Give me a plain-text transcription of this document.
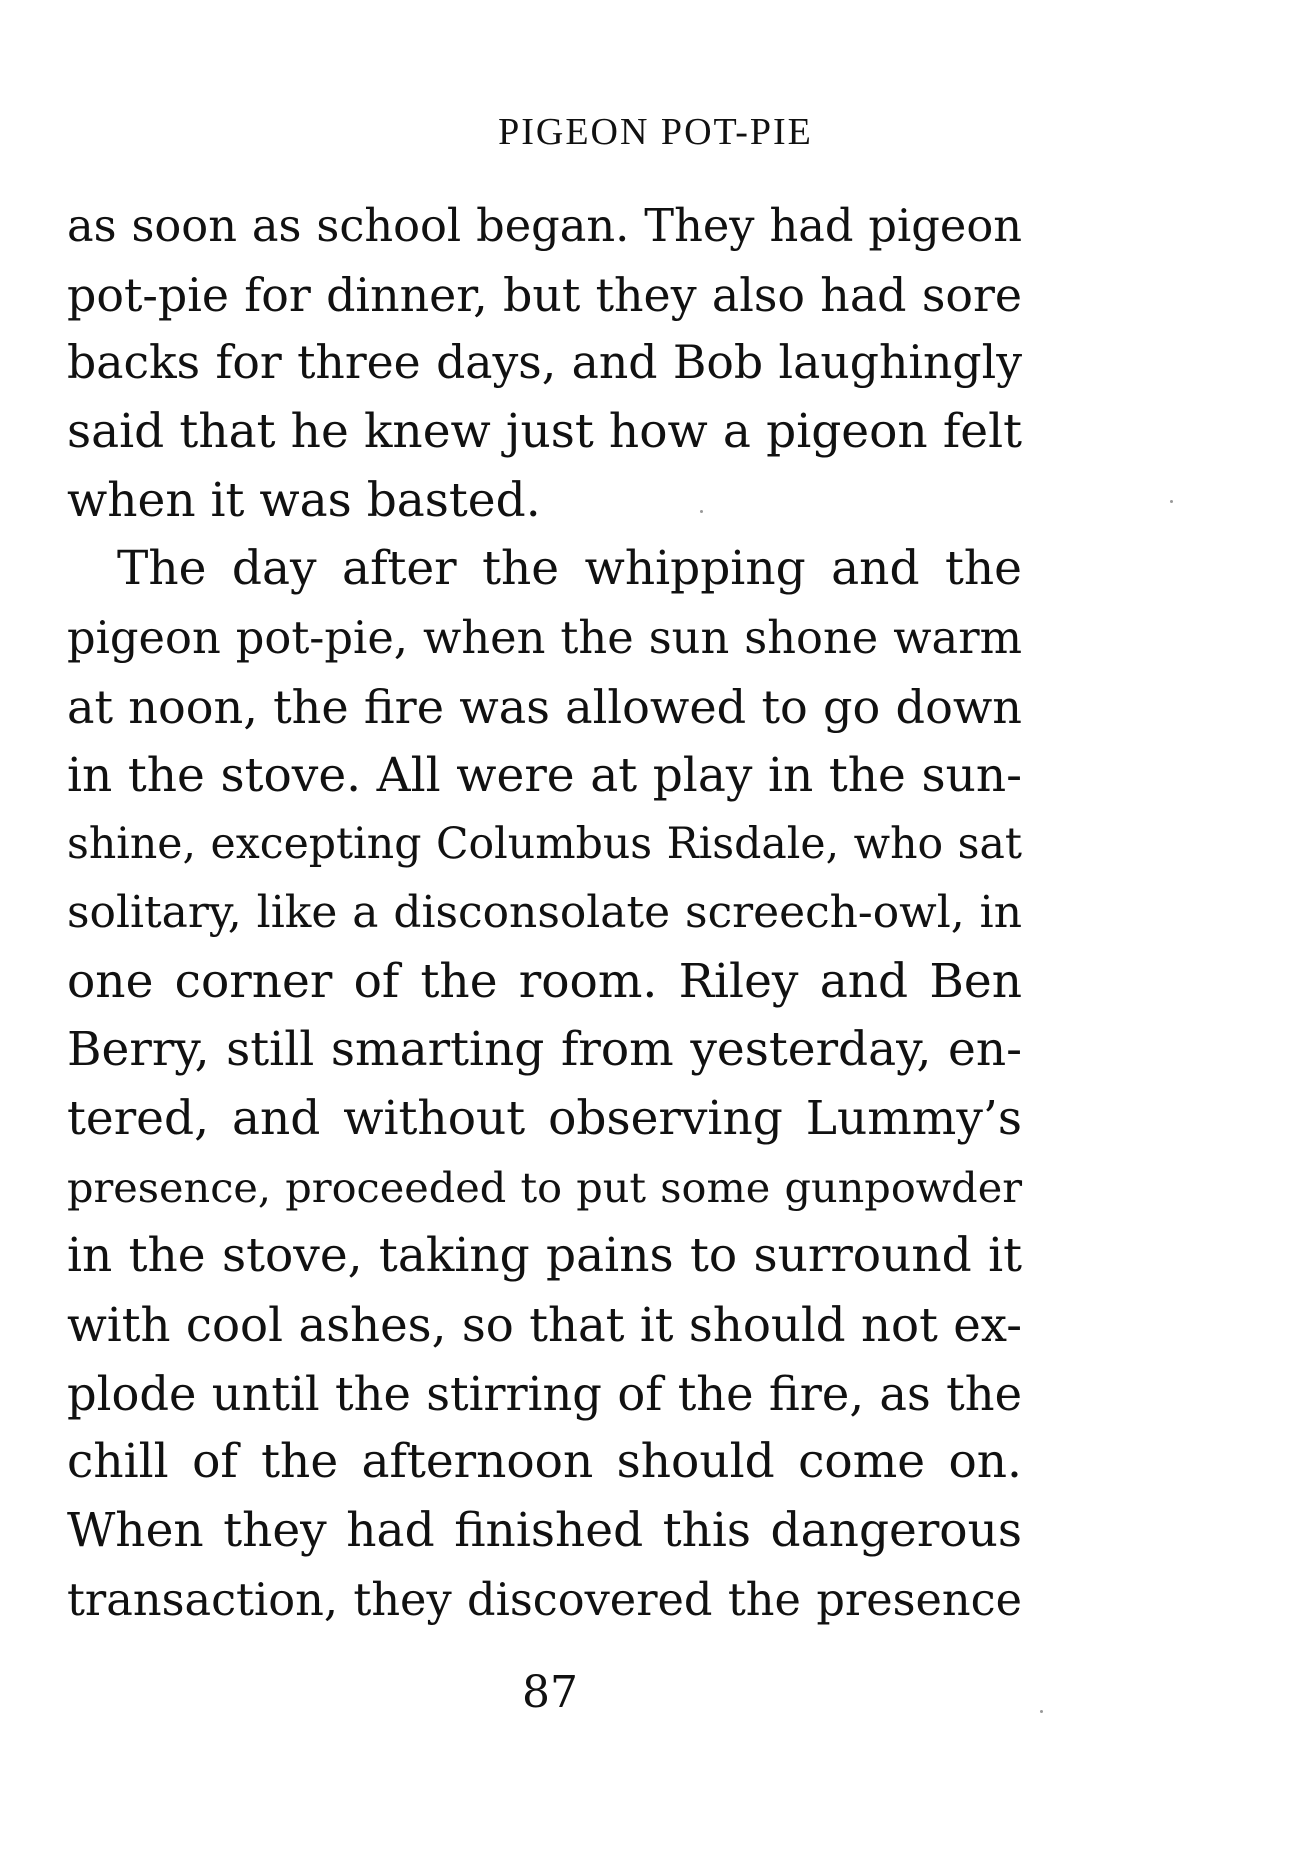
PIGEON POT-PIE
as soon as school began. They had pigeon
pot-pie for dinner, but they also had sore
backs for three days, and Bob laughingly
said that he knew just how a pigeon felt
when it was basted.
The day after the whipping and the
pigeon pot-pie, when the sun shone warm
at noon, the fire was allowed to go down
in the stove. All were at play in the sun-
shine, excepting Columbus Risdale, who sat
solitary, like a disconsolate screech-owl, in
one corner of the room. Riley and Ben
Berry, still smarting from yesterday, en-
tered, and without observing Lummy’s
presence, proceeded to put some gunpowder
in the stove, taking pains to surround it
with cool ashes, so that it should not ex-
plode until the stirring of the fire, as the
chill of the afternoon should come on.
When they had finished this dangerous
transaction, they discovered the presence
87
